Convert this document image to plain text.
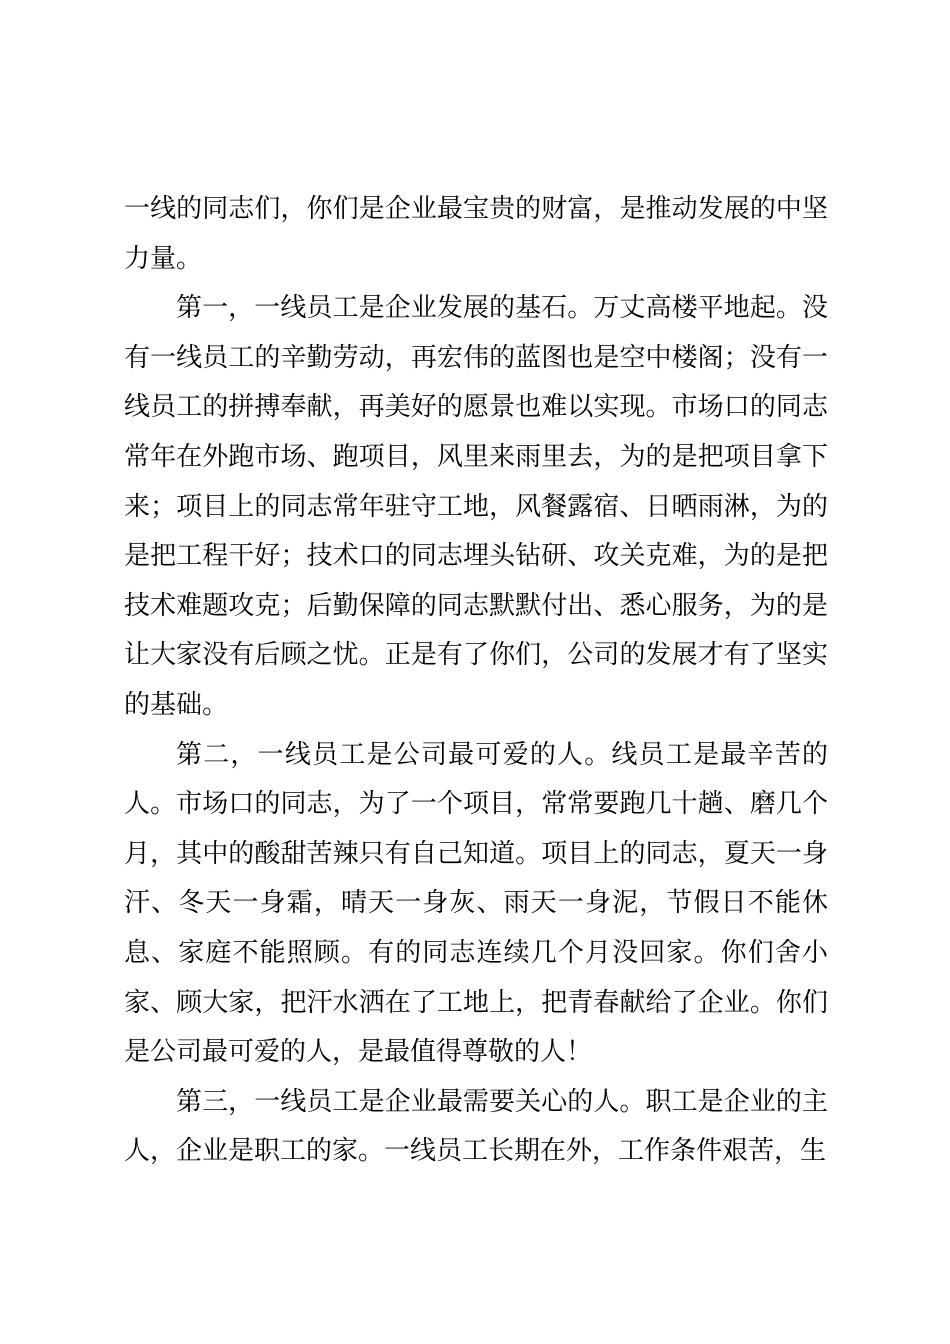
一线的同志们，你们是企业最宝贵的财富，是推动发展的中坚力量。

第一，一线员工是企业发展的基石。万丈高楼平地起。没有一线员工的辛勤劳动，再宏伟的蓝图也是空中楼阁；没有一线员工的拼搏奉献，再美好的愿景也难以实现。市场口的同志常年在外跑市场、跑项目，风里来雨里去，为的是把项目拿下来；项目上的同志常年驻守工地，风餐露宿、日晒雨淋，为的是把工程干好；技术口的同志埋头钻研、攻关克难，为的是把技术难题攻克；后勤保障的同志默默付出、悉心服务，为的是让大家没有后顾之忧。正是有了你们，公司的发展才有了坚实的基础。

第二，一线员工是公司最可爱的人。线员工是最辛苦的人。市场口的同志，为了一个项目，常常要跑几十趟、磨几个月，其中的酸甜苦辣只有自己知道。项目上的同志，夏天一身汗、冬天一身霜，晴天一身灰、雨天一身泥，节假日不能休息、家庭不能照顾。有的同志连续几个月没回家。你们舍小家、顾大家，把汗水洒在了工地上，把青春献给了企业。你们是公司最可爱的人，是最值得尊敬的人！

第三，一线员工是企业最需要关心的人。职工是企业的主人，企业是职工的家。一线员工长期在外，工作条件艰苦，生
